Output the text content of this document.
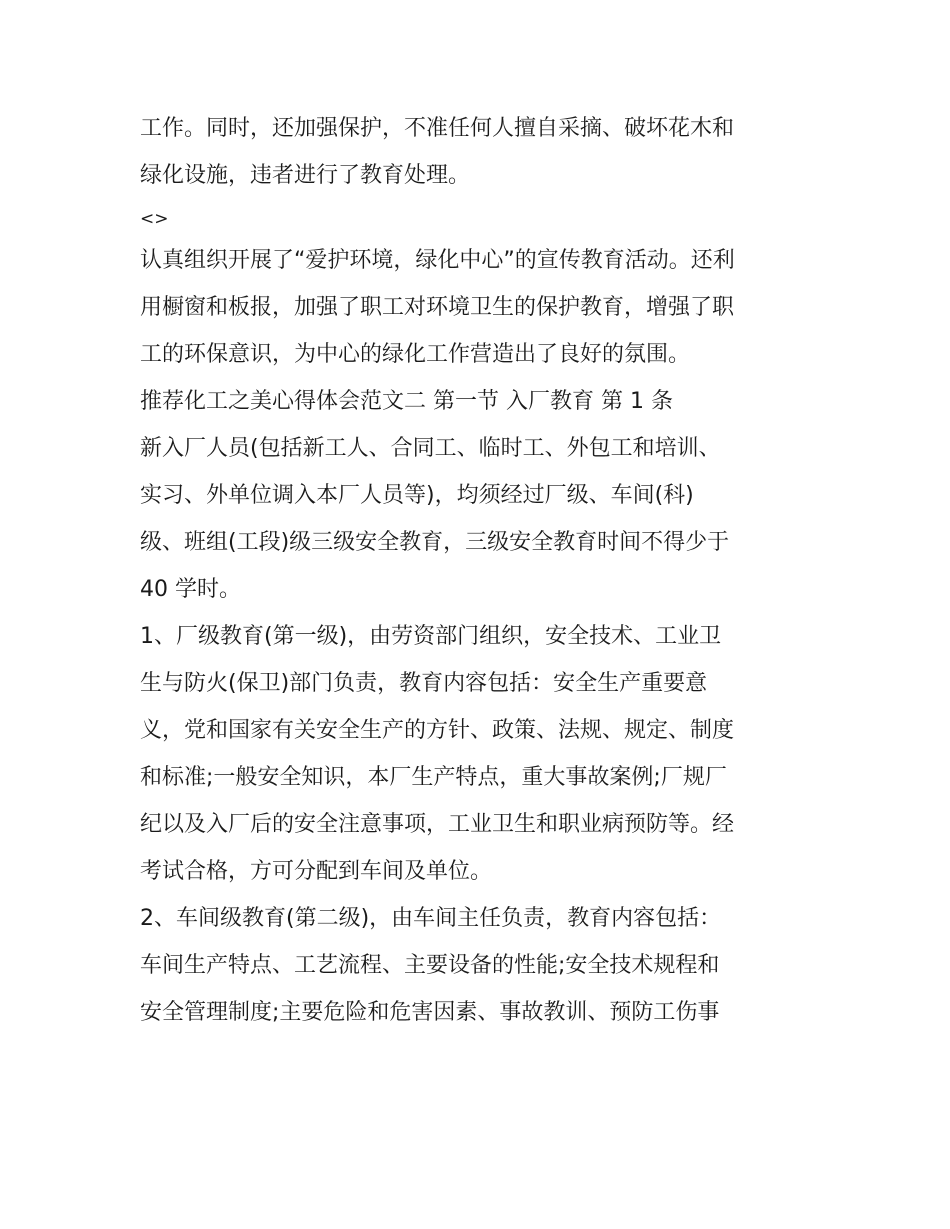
工作。同时，还加强保护，不准任何人擅自采摘、破坏花木和
绿化设施，违者进行了教育处理。
<>
认真组织开展了“爱护环境，绿化中心”的宣传教育活动。还利
用橱窗和板报，加强了职工对环境卫生的保护教育，增强了职
工的环保意识，为中心的绿化工作营造出了良好的氛围。
推荐化工之美心得体会范文二 第一节 入厂教育 第 1 条
新入厂人员(包括新工人、合同工、临时工、外包工和培训、
实习、外单位调入本厂人员等)，均须经过厂级、车间(科)
级、班组(工段)级三级安全教育，三级安全教育时间不得少于
40 学时。
1、厂级教育(第一级)，由劳资部门组织，安全技术、工业卫
生与防火(保卫)部门负责，教育内容包括：安全生产重要意
义，党和国家有关安全生产的方针、政策、法规、规定、制度
和标准;一般安全知识，本厂生产特点，重大事故案例;厂规厂
纪以及入厂后的安全注意事项，工业卫生和职业病预防等。经
考试合格，方可分配到车间及单位。
2、车间级教育(第二级)，由车间主任负责，教育内容包括：
车间生产特点、工艺流程、主要设备的性能;安全技术规程和
安全管理制度;主要危险和危害因素、事故教训、预防工伤事
